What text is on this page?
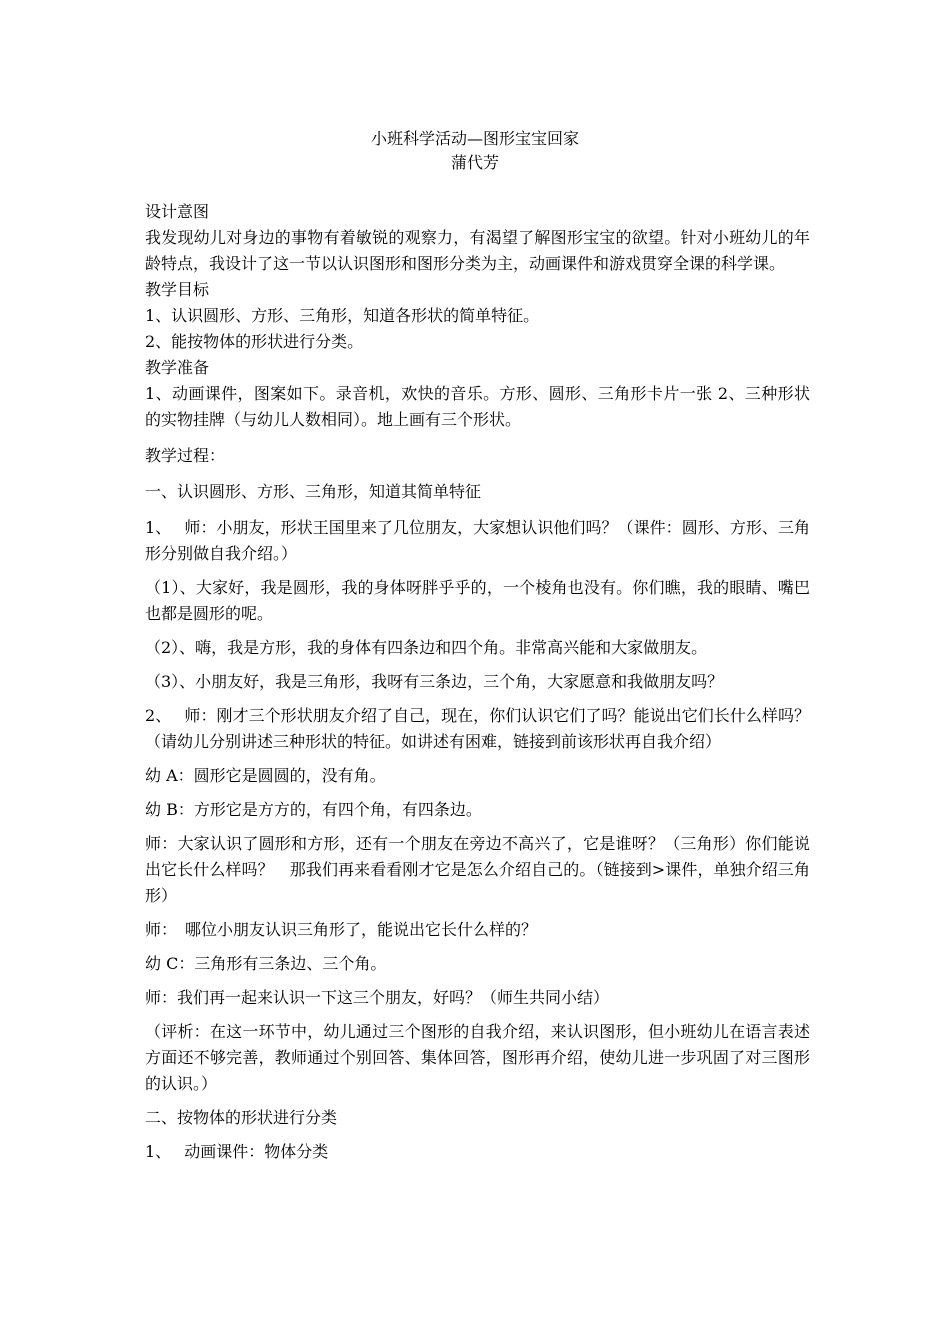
小班科学活动—图形宝宝回家
蒲代芳

设计意图

我发现幼儿对身边的事物有着敏锐的观察力，有渴望了解图形宝宝的欲望。针对小班幼儿的年龄特点，我设计了这一节以认识图形和图形分类为主，动画课件和游戏贯穿全课的科学课。

教学目标

1、认识圆形、方形、三角形，知道各形状的简单特征。

2、能按物体的形状进行分类。

教学准备

1、动画课件，图案如下。录音机，欢快的音乐。方形、圆形、三角形卡片一张 2、三种形状的实物挂牌（与幼儿人数相同）。地上画有三个形状。

教学过程：

一、认识圆形、方形、三角形，知道其简单特征

1、　 师：小朋友，形状王国里来了几位朋友，大家想认识他们吗？（课件：圆形、方形、三角形分别做自我介绍。）

（1）、大家好，我是圆形，我的身体呀胖乎乎的，一个棱角也没有。你们瞧，我的眼睛、嘴巴也都是圆形的呢。

（2）、嗨，我是方形，我的身体有四条边和四个角。非常高兴能和大家做朋友。

（3）、小朋友好，我是三角形，我呀有三条边，三个角，大家愿意和我做朋友吗？

2、　 师：刚才三个形状朋友介绍了自己，现在，你们认识它们了吗？能说出它们长什么样吗？（请幼儿分别讲述三种形状的特征。如讲述有困难，链接到前该形状再自我介绍）

幼 A：圆形它是圆圆的，没有角。

幼 B：方形它是方方的，有四个角，有四条边。

师：大家认识了圆形和方形，还有一个朋友在旁边不高兴了，它是谁呀？（三角形）你们能说出它长什么样吗？　那我们再来看看刚才它是怎么介绍自己的。（链接到>课件，单独介绍三角形）

师：　哪位小朋友认识三角形了，能说出它长什么样的？

幼 C：三角形有三条边、三个角。

师：我们再一起来认识一下这三个朋友，好吗？（师生共同小结）

（评析：在这一环节中，幼儿通过三个图形的自我介绍，来认识图形，但小班幼儿在语言表述方面还不够完善，教师通过个别回答、集体回答，图形再介绍，使幼儿进一步巩固了对三图形的认识。）

二、按物体的形状进行分类

1、　 动画课件：物体分类
